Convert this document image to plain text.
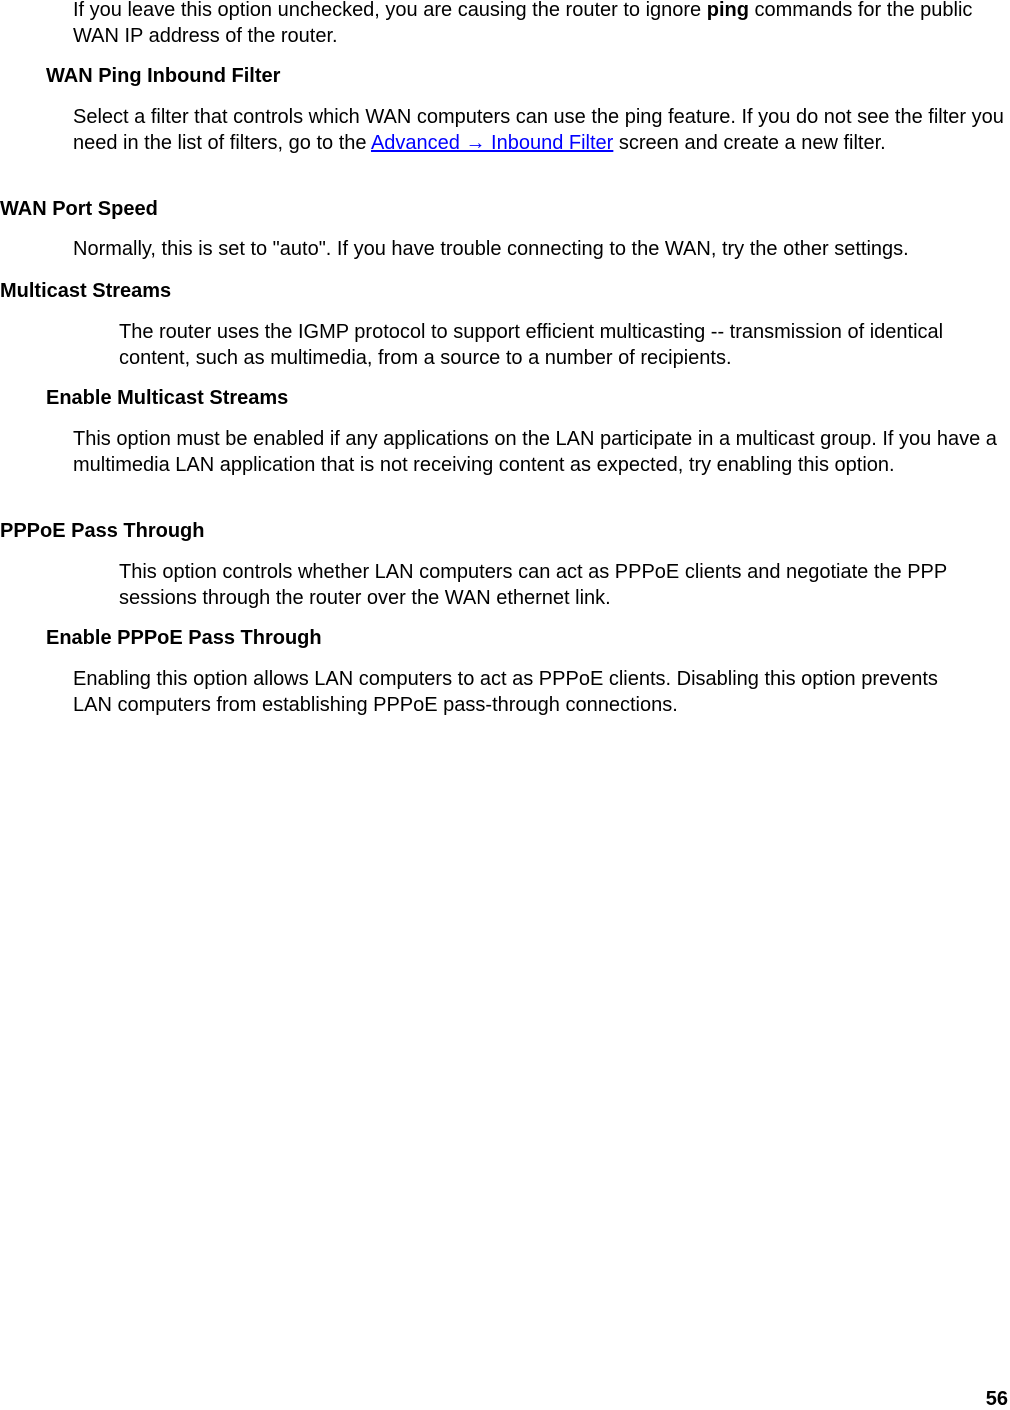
If you leave this option unchecked, you are causing the router to ignore ping commands for the public WAN IP address of the router.

WAN Ping Inbound Filter

Select a filter that controls which WAN computers can use the ping feature. If you do not see the filter you need in the list of filters, go to the Advanced → Inbound Filter screen and create a new filter.

WAN Port Speed

Normally, this is set to "auto". If you have trouble connecting to the WAN, try the other settings.

Multicast Streams

The router uses the IGMP protocol to support efficient multicasting -- transmission of identical content, such as multimedia, from a source to a number of recipients.

Enable Multicast Streams

This option must be enabled if any applications on the LAN participate in a multicast group. If you have a multimedia LAN application that is not receiving content as expected, try enabling this option.

PPPoE Pass Through

This option controls whether LAN computers can act as PPPoE clients and negotiate the PPP sessions through the router over the WAN ethernet link.

Enable PPPoE Pass Through

Enabling this option allows LAN computers to act as PPPoE clients. Disabling this option prevents LAN computers from establishing PPPoE pass-through connections.

56
